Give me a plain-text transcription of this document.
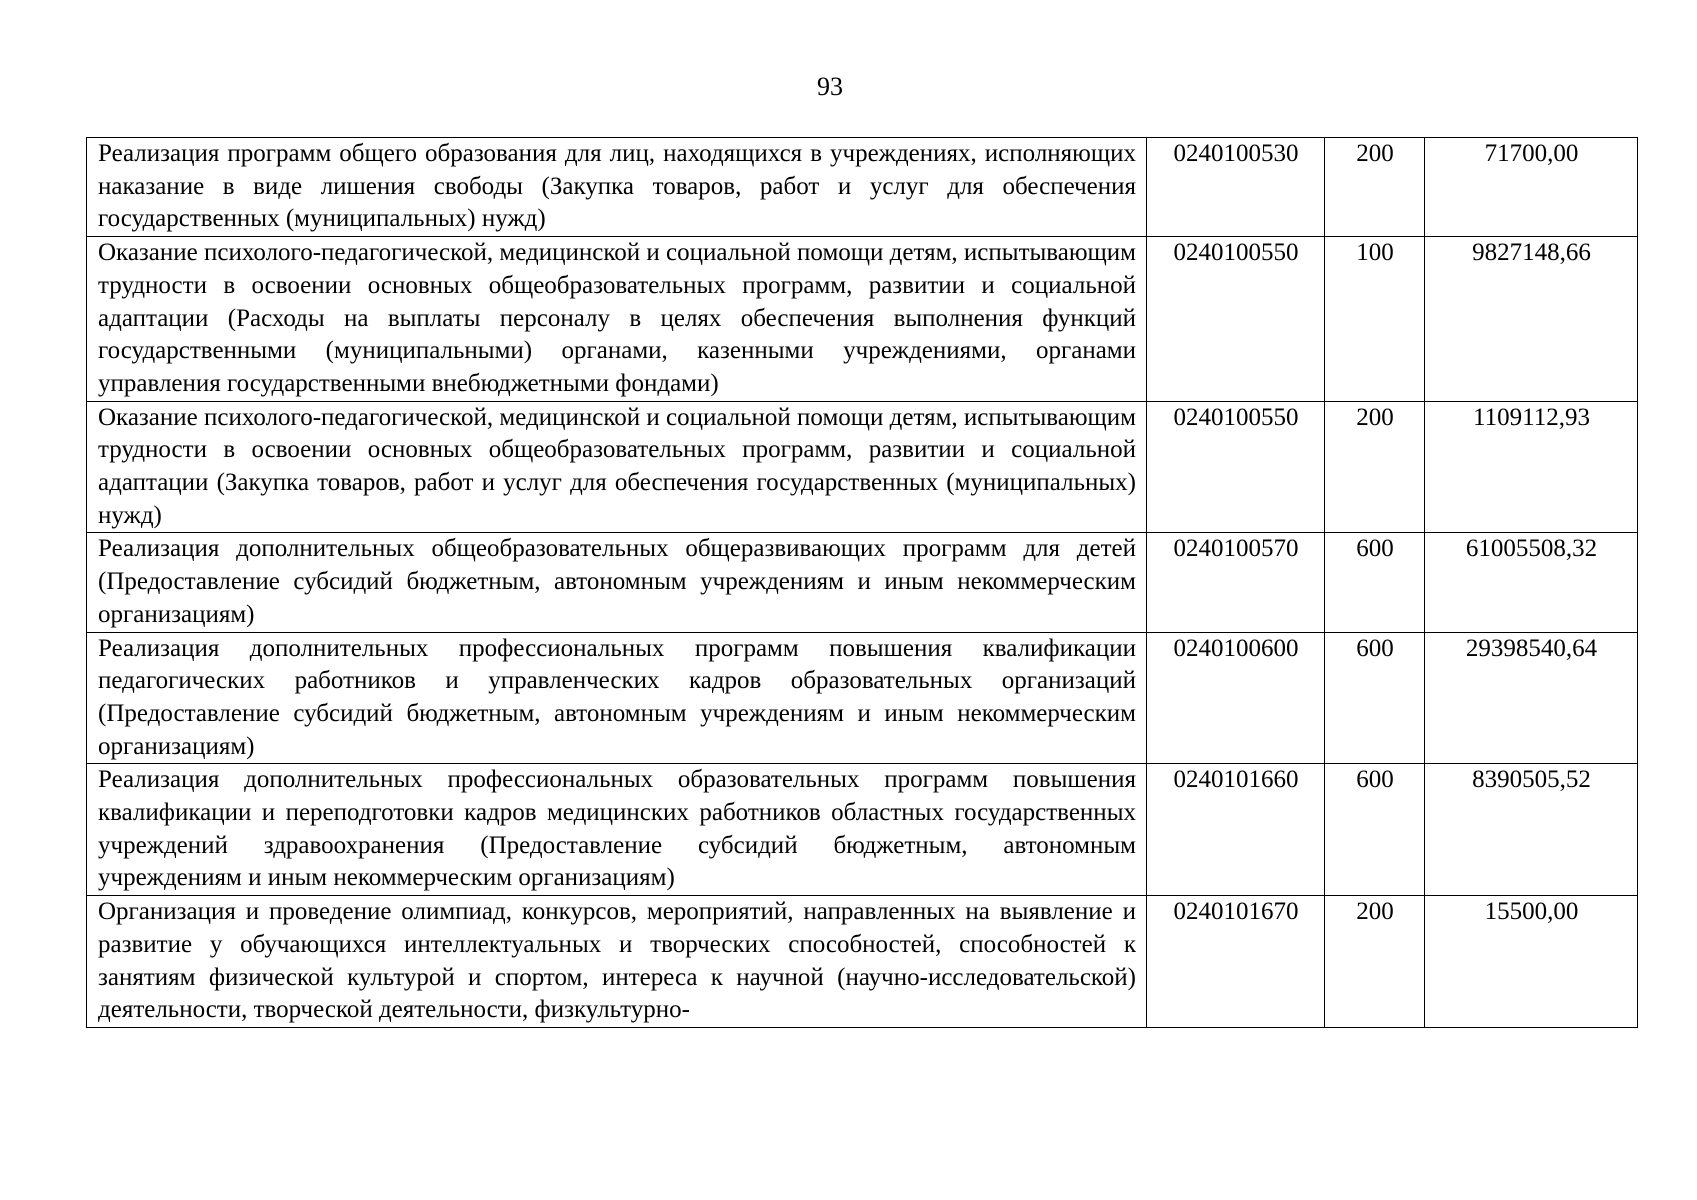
93
Реализация программ общего образования для лиц, находящихся в учреждениях, исполняющих наказание в виде лишения свободы (Закупка товаров, работ и услуг для обеспечения государственных (муниципальных) нужд)	0240100530	200	71700,00
Оказание психолого-педагогической, медицинской и социальной помощи детям, испытывающим трудности в освоении основных общеобразовательных программ, развитии и социальной адаптации (Расходы на выплаты персоналу в целях обеспечения выполнения функций государственными (муниципальными) органами, казенными учреждениями, органами управления государственными внебюджетными фондами)	0240100550	100	9827148,66
Оказание психолого-педагогической, медицинской и социальной помощи детям, испытывающим трудности в освоении основных общеобразовательных программ, развитии и социальной адаптации (Закупка товаров, работ и услуг для обеспечения государственных (муниципальных) нужд)	0240100550	200	1109112,93
Реализация дополнительных общеобразовательных общеразвивающих программ для детей (Предоставление субсидий бюджетным, автономным учреждениям и иным некоммерческим организациям)	0240100570	600	61005508,32
Реализация дополнительных профессиональных программ повышения квалификации педагогических работников и управленческих кадров образовательных организаций (Предоставление субсидий бюджетным, автономным учреждениям и иным некоммерческим организациям)	0240100600	600	29398540,64
Реализация дополнительных профессиональных образовательных программ повышения квалификации и переподготовки кадров медицинских работников областных государственных учреждений здравоохранения (Предоставление субсидий бюджетным, автономным учреждениям и иным некоммерческим организациям)	0240101660	600	8390505,52
Организация и проведение олимпиад, конкурсов, мероприятий, направленных на выявление и развитие у обучающихся интеллектуальных и творческих способностей, способностей к занятиям физической культурой и спортом, интереса к научной (научно-исследовательской) деятельности, творческой деятельности, физкультурно-	0240101670	200	15500,00
